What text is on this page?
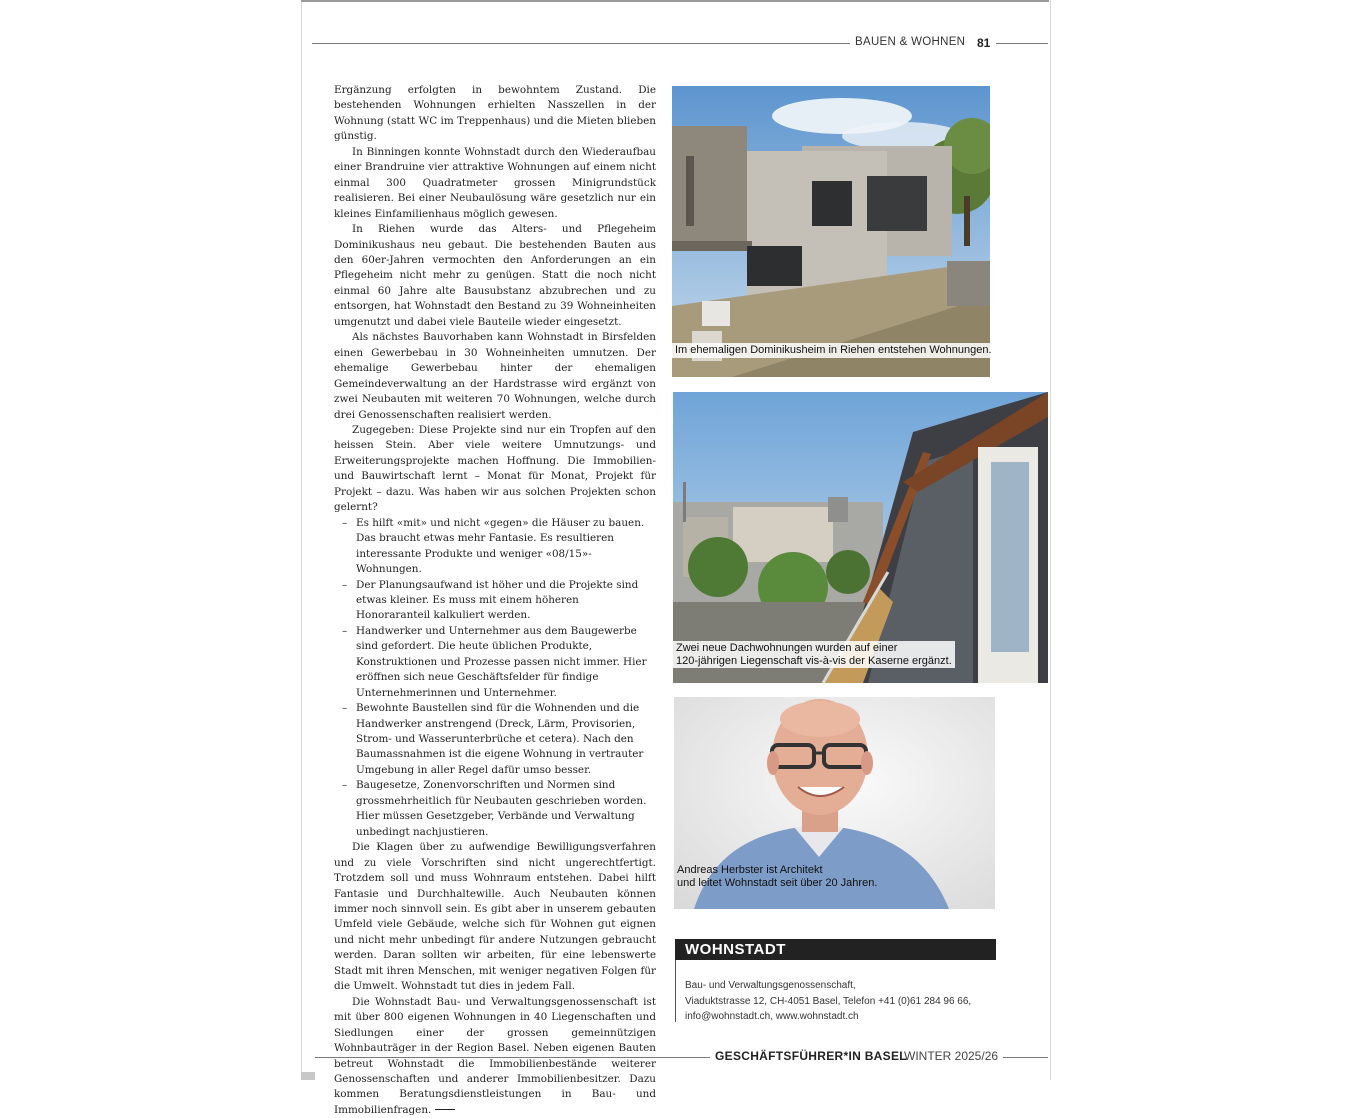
BAUEN & WOHNEN 81

Ergänzung erfolgten in bewohntem Zustand. Die bestehenden Wohnungen erhielten Nasszellen in der Wohnung (statt WC im Treppenhaus) und die Mieten blieben günstig.

In Binningen konnte Wohnstadt durch den Wiederaufbau einer Brandruine vier attraktive Wohnungen auf einem nicht einmal 300 Quadratmeter grossen Minigrundstück realisieren. Bei einer Neubaulösung wäre gesetzlich nur ein kleines Einfamilienhaus möglich gewesen.

In Riehen wurde das Alters- und Pflegeheim Dominikushaus neu gebaut. Die bestehenden Bauten aus den 60er-Jahren vermochten den Anforderungen an ein Pflegeheim nicht mehr zu genügen. Statt die noch nicht einmal 60 Jahre alte Bausubstanz abzubrechen und zu entsorgen, hat Wohnstadt den Bestand zu 39 Wohneinheiten umgenutzt und dabei viele Bauteile wieder eingesetzt.

Als nächstes Bauvorhaben kann Wohnstadt in Birsfelden einen Gewerbebau in 30 Wohneinheiten umnutzen. Der ehemalige Gewerbebau hinter der ehemaligen Gemeindeverwaltung an der Hardstrasse wird ergänzt von zwei Neubauten mit weiteren 70 Wohnungen, welche durch drei Genossenschaften realisiert werden.

Zugegeben: Diese Projekte sind nur ein Tropfen auf den heissen Stein. Aber viele weitere Umnutzungs- und Erweiterungsprojekte machen Hoffnung. Die Immobilien- und Bauwirtschaft lernt – Monat für Monat, Projekt für Projekt – dazu. Was haben wir aus solchen Projekten schon gelernt?

– Es hilft «mit» und nicht «gegen» die Häuser zu bauen. Das braucht etwas mehr Fantasie. Es resultieren interessante Produkte und weniger «08/15»-Wohnungen.
– Der Planungsaufwand ist höher und die Projekte sind etwas kleiner. Es muss mit einem höheren Honoraranteil kalkuliert werden.
– Handwerker und Unternehmer aus dem Baugewerbe sind gefordert. Die heute üblichen Produkte, Konstruktionen und Prozesse passen nicht immer. Hier eröffnen sich neue Geschäftsfelder für findige Unternehmerinnen und Unternehmer.
– Bewohnte Baustellen sind für die Wohnenden und die Handwerker anstrengend (Dreck, Lärm, Provisorien, Strom- und Wasserunterbrüche et cetera). Nach den Baumassnahmen ist die eigene Wohnung in vertrauter Umgebung in aller Regel dafür umso besser.
– Baugesetze, Zonenvorschriften und Normen sind grossmehrheitlich für Neubauten geschrieben worden. Hier müssen Gesetzgeber, Verbände und Verwaltung unbedingt nachjustieren.

Die Klagen über zu aufwendige Bewilligungsverfahren und zu viele Vorschriften sind nicht ungerechtfertigt. Trotzdem soll und muss Wohnraum entstehen. Dabei hilft Fantasie und Durchhaltewille. Auch Neubauten können immer noch sinnvoll sein. Es gibt aber in unserem gebauten Umfeld viele Gebäude, welche sich für Wohnen gut eignen und nicht mehr unbedingt für andere Nutzungen gebraucht werden. Daran sollten wir arbeiten, für eine lebenswerte Stadt mit ihren Menschen, mit weniger negativen Folgen für die Umwelt. Wohnstadt tut dies in jedem Fall.

Die Wohnstadt Bau- und Verwaltungsgenossenschaft ist mit über 800 eigenen Wohnungen in 40 Liegenschaften und Siedlungen einer der grossen gemeinnützigen Wohnbauträger in der Region Basel. Neben eigenen Bauten betreut Wohnstadt die Immobilienbestände weiterer Genossenschaften und anderer Immobilienbesitzer. Dazu kommen Beratungsdienstleistungen in Bau- und Immobilienfragen.

Im ehemaligen Dominikusheim in Riehen entstehen Wohnungen.
Zwei neue Dachwohnungen wurden auf einer
120-jährigen Liegenschaft vis-à-vis der Kaserne ergänzt.
Andreas Herbster ist Architekt
und leitet Wohnstadt seit über 20 Jahren.
WOHNSTADT
Bau- und Verwaltungsgenossenschaft,
Viaduktstrasse 12, CH-4051 Basel, Telefon +41 (0)61 284 96 66,
info@wohnstadt.ch, www.wohnstadt.ch
GESCHÄFTSFÜHRER*IN BASEL
WINTER 2025/26
